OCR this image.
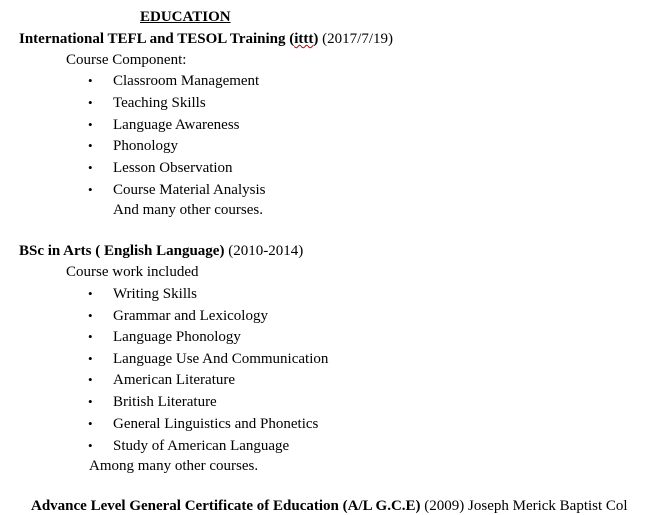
EDUCATION
International TEFL and TESOL Training (ittt) (2017/7/19)
Course Component:
• Classroom Management
• Teaching Skills
• Language Awareness
• Phonology
• Lesson Observation
• Course Material Analysis
And many other courses.
BSc in Arts ( English Language) (2010-2014)
Course work included
• Writing Skills
• Grammar and Lexicology
• Language Phonology
• Language Use And Communication
• American Literature
• British Literature
• General Linguistics and Phonetics
• Study of American Language
Among many other courses.
Advance Level General Certificate of Education (A/L G.C.E) (2009) Joseph Merick Baptist Col
